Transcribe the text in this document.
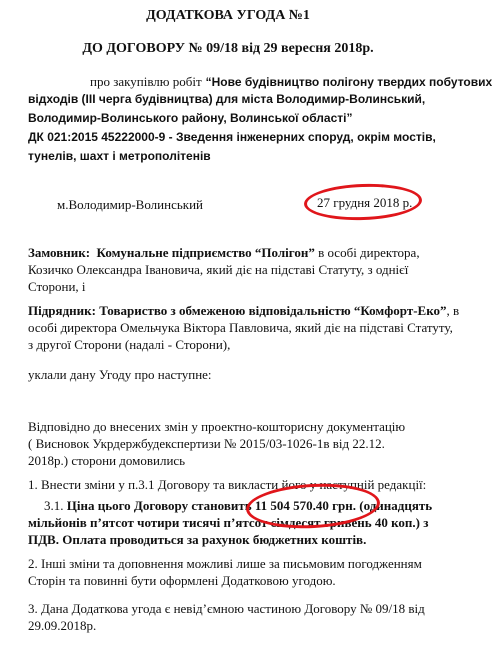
ДОДАТКОВА УГОДА №1
ДО ДОГОВОРУ № 09/18 від 29 вересня 2018р.
про закупівлю робіт “Нове будівництво полігону твердих побутових
відходів (ІІІ черга будівництва) для міста Володимир-Волинський,
Володимир-Волинського району, Волинської області”
ДК 021:2015 45222000-9 - Зведення інженерних споруд, окрім мостів,
тунелів, шахт і метрополітенів
м.Володимир-Волинський	27 грудня 2018 р.
Замовник: Комунальне підприємство “Полігон” в особі директора,
Козичко Олександра Івановича, який діє на підставі Статуту, з однієї
Сторони, і
Підрядник: Товариство з обмеженою відповідальністю “Комфорт-Еко”, в
особі директора Омельчука Віктора Павловича, який діє на підставі Статуту,
з другої Сторони (надалі - Сторони),
уклали дану Угоду про наступне:
Відповідно до внесених змін у проектно-кошторисну документацію
( Висновок Укрдержбудекспертизи № 2015/03-1026-1в від 22.12.
2018р.) сторони домовились
1. Внести зміни у п.3.1 Договору та викласти його у наступній редакції:
3.1. Ціна цього Договору становить 11 504 570.40 грн. (одинадцять
мільйонів п’ятсот чотири тисячі п’ятсот сімдесят гривень 40 коп.) з
ПДВ. Оплата проводиться за рахунок бюджетних коштів.
2. Інші зміни та доповнення можливі лише за письмовим погодженням
Сторін та повинні бути оформлені Додатковою угодою.
3. Дана Додаткова угода є невід’ємною частиною Договору № 09/18 від
29.09.2018р.
